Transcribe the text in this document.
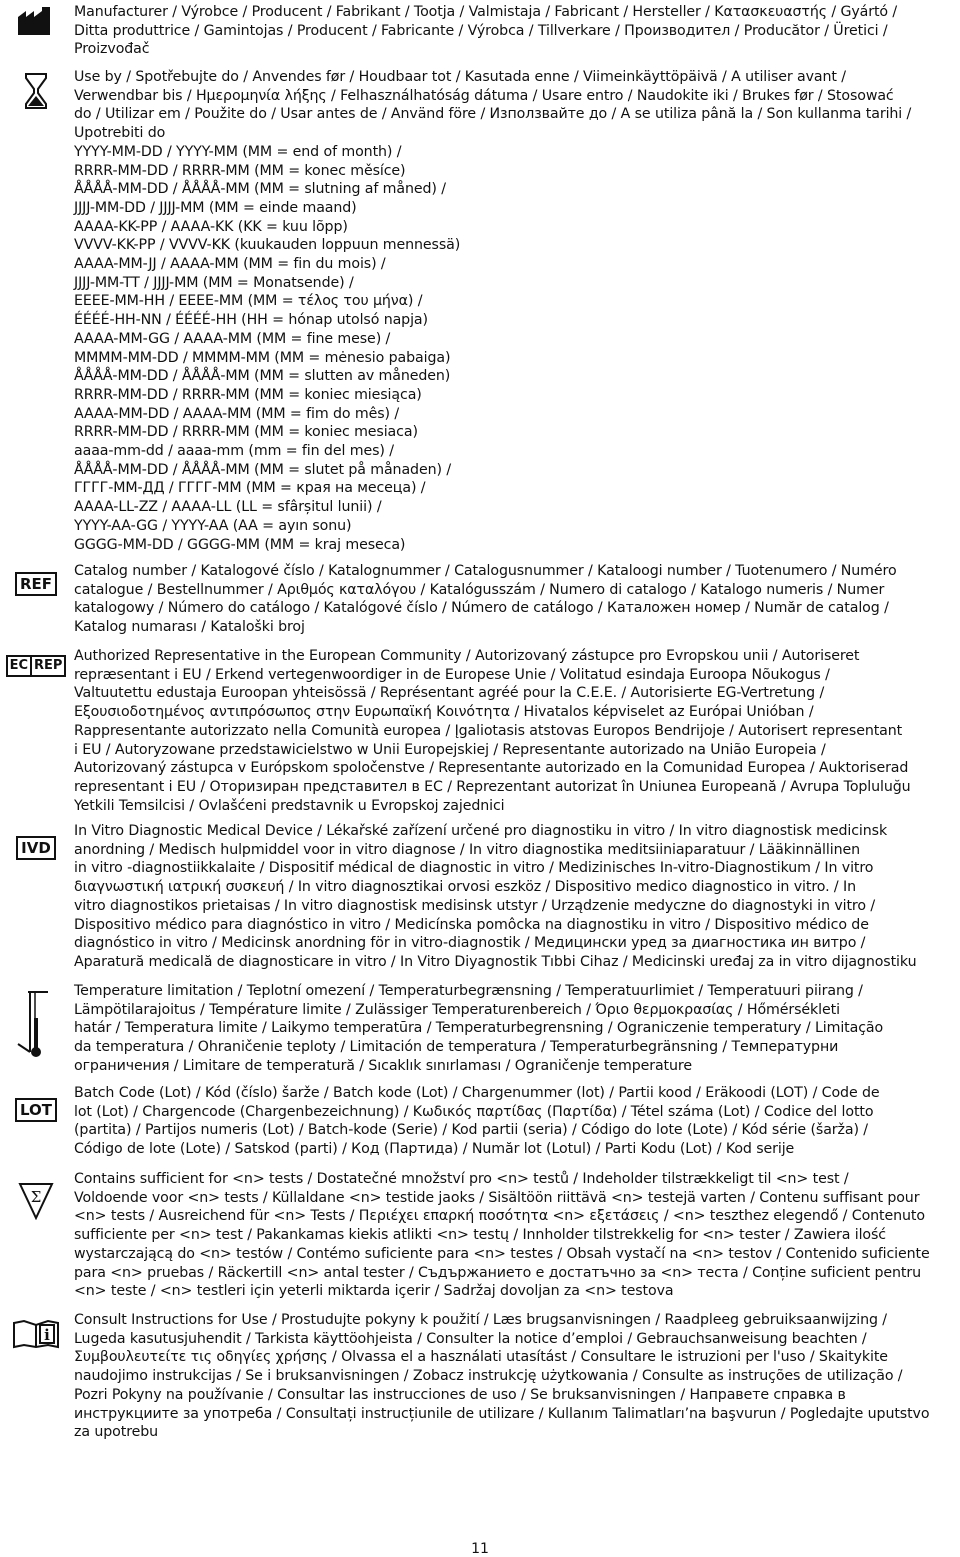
Manufacturer / Výrobce / Producent / Fabrikant / Tootja / Valmistaja / Fabricant / Hersteller / Κατασκευαστής / Gyártó /
Ditta produttrice / Gamintojas / Producent / Fabricante / Výrobca / Tillverkare / Производител / Producător / Üretici /
Proizvođač
Use by / Spotřebujte do / Anvendes før / Houdbaar tot / Kasutada enne / Viimeinkäyttöpäivä / A utiliser avant /
Verwendbar bis / Ημερομηνία λήξης / Felhasználhatóság dátuma / Usare entro / Naudokite iki / Brukes før / Stosować
do / Utilizar em / Použite do / Usar antes de / Använd före / Използвайте до / A se utiliza până la / Son kullanma tarihi /
Upotrebiti do
YYYY-MM-DD / YYYY-MM (MM = end of month) /
RRRR-MM-DD / RRRR-MM (MM = konec měsíce)
ÅÅÅÅ-MM-DD / ÅÅÅÅ-MM (MM = slutning af måned) /
JJJJ-MM-DD / JJJJ-MM (MM = einde maand)
AAAA-KK-PP / AAAA-KK (KK = kuu lõpp)
VVVV-KK-PP / VVVV-KK (kuukauden loppuun mennessä)
AAAA-MM-JJ / AAAA-MM (MM = fin du mois) /
JJJJ-MM-TT / JJJJ-MM (MM = Monatsende) /
ΕΕΕΕ-ΜΜ-ΗΗ / ΕΕΕΕ-ΜΜ (ΜΜ = τέλος του μήνα) /
ÉÉÉÉ-HH-NN / ÉÉÉÉ-HH (HH = hónap utolsó napja)
AAAA-MM-GG / AAAA-MM (MM = fine mese) /
MMMM-MM-DD / MMMM-MM (MM = mėnesio pabaiga)
ÅÅÅÅ-MM-DD / ÅÅÅÅ-MM (MM = slutten av måneden)
RRRR-MM-DD / RRRR-MM (MM = koniec miesiąca)
AAAA-MM-DD / AAAA-MM (MM = fim do mês) /
RRRR-MM-DD / RRRR-MM (MM = koniec mesiaca)
aaaa-mm-dd / aaaa-mm (mm = fin del mes) /
ÅÅÅÅ-MM-DD / ÅÅÅÅ-MM (MM = slutet på månaden) /
ГГГГ-ММ-ДД / ГГГГ-ММ (ММ = края на месеца) /
AAAA-LL-ZZ / AAAA-LL (LL = sfârșitul lunii) /
YYYY-AA-GG / YYYY-AA (AA = ayın sonu)
GGGG-MM-DD / GGGG-MM (MM = kraj meseca)
REF
Catalog number / Katalogové číslo / Katalognummer / Catalogusnummer / Kataloogi number / Tuotenumero / Numéro
catalogue / Bestellnummer / Αριθμός καταλόγου / Katalógusszám / Numero di catalogo / Katalogo numeris / Numer
katalogowy / Número do catálogo / Katalógové číslo / Número de catálogo / Каталожен номер / Număr de catalog /
Katalog numarası / Kataloški broj
EC REP
Authorized Representative in the European Community / Autorizovaný zástupce pro Evropskou unii / Autoriseret
repræsentant i EU / Erkend vertegenwoordiger in de Europese Unie / Volitatud esindaja Euroopa Nõukogus /
Valtuutettu edustaja Euroopan yhteisössä / Représentant agréé pour la C.E.E. / Autorisierte EG-Vertretung /
Εξουσιοδοτημένος αντιπρόσωπος στην Ευρωπαϊκή Κοινότητα / Hivatalos képviselet az Európai Unióban /
Rappresentante autorizzato nella Comunità europea / Įgaliotasis atstovas Europos Bendrijoje / Autorisert representant
i EU / Autoryzowane przedstawicielstwo w Unii Europejskiej / Representante autorizado na União Europeia /
Autorizovaný zástupca v Európskom spoločenstve / Representante autorizado en la Comunidad Europea / Auktoriserad
representant i EU / Оторизиран представител в ЕС / Reprezentant autorizat în Uniunea Europeană / Avrupa Topluluğu
Yetkili Temsilcisi / Ovlašćeni predstavnik u Evropskoj zajednici
IVD
In Vitro Diagnostic Medical Device / Lékařské zařízení určené pro diagnostiku in vitro / In vitro diagnostisk medicinsk
anordning / Medisch hulpmiddel voor in vitro diagnose / In vitro diagnostika meditsiiniaparatuur / Lääkinnällinen
in vitro -diagnostiikkalaite / Dispositif médical de diagnostic in vitro / Medizinisches In-vitro-Diagnostikum / In vitro
διαγνωστική ιατρική συσκευή / In vitro diagnosztikai orvosi eszköz / Dispositivo medico diagnostico in vitro. / In
vitro diagnostikos prietaisas / In vitro diagnostisk medisinsk utstyr / Urządzenie medyczne do diagnostyki in vitro /
Dispositivo médico para diagnóstico in vitro / Medicínska pomôcka na diagnostiku in vitro / Dispositivo médico de
diagnóstico in vitro / Medicinsk anordning för in vitro-diagnostik / Медицински уред за диагностика ин витро /
Aparatură medicală de diagnosticare in vitro / In Vitro Diyagnostik Tıbbi Cihaz / Medicinski uređaj za in vitro dijagnostiku
Temperature limitation / Teplotní omezení / Temperaturbegrænsning / Temperatuurlimiet / Temperatuuri piirang /
Lämpötilarajoitus / Température limite / Zulässiger Temperaturenbereich / Όριο θερμοκρασίας / Hőmérsékleti
határ / Temperatura limite / Laikymo temperatūra / Temperaturbegrensning / Ograniczenie temperatury / Limitação
da temperatura / Ohraničenie teploty / Limitación de temperatura / Temperaturbegränsning / Температурни
ограничения / Limitare de temperatură / Sıcaklık sınırlaması / Ograničenje temperature
LOT
Batch Code (Lot) / Kód (číslo) šarže / Batch kode (Lot) / Chargenummer (lot) / Partii kood / Eräkoodi (LOT) / Code de
lot (Lot) / Chargencode (Chargenbezeichnung) / Κωδικός παρτίδας (Παρτίδα) / Tétel száma (Lot) / Codice del lotto
(partita) / Partijos numeris (Lot) / Batch-kode (Serie) / Kod partii (seria) / Código do lote (Lote) / Kód série (šarža) /
Código de lote (Lote) / Satskod (parti) / Код (Партида) / Număr lot (Lotul) / Parti Kodu (Lot) / Kod serije
Σ
Contains sufficient for <n> tests / Dostatečné množství pro <n> testů / Indeholder tilstrækkeligt til <n> test /
Voldoende voor <n> tests / Küllaldane <n> testide jaoks / Sisältöön riittävä <n> testejä varten / Contenu suffisant pour
<n> tests / Ausreichend für <n> Tests / Περιέχει επαρκή ποσότητα <n> εξετάσεις / <n> teszthez elegendő / Contenuto
sufficiente per <n> test / Pakankamas kiekis atlikti <n> testų / Innholder tilstrekkelig for <n> tester / Zawiera ilość
wystarczającą do <n> testów / Contémo suficiente para <n> testes / Obsah vystačí na <n> testov / Contenido suficiente
para <n> pruebas / Räckertill <n> antal tester / Съдържанието е достатъчно за <n> теста / Conține suficient pentru
<n> teste / <n> testleri için yeterli miktarda içerir / Sadržaj dovoljan za <n> testova
i
Consult Instructions for Use / Prostudujte pokyny k použití / Læs brugsanvisningen / Raadpleeg gebruiksaanwijzing /
Lugeda kasutusjuhendit / Tarkista käyttöohjeista / Consulter la notice d’emploi / Gebrauchsanweisung beachten /
Συμβουλευτείτε τις οδηγίες χρήσης / Olvassa el a használati utasítást / Consultare le istruzioni per l'uso / Skaitykite
naudojimo instrukcijas / Se i bruksanvisningen / Zobacz instrukcję użytkowania / Consulte as instruções de utilização /
Pozri Pokyny na používanie / Consultar las instrucciones de uso / Se bruksanvisningen / Направете справка в
инструкциите за употреба / Consultați instrucțiunile de utilizare / Kullanım Talimatları’na başvurun / Pogledajte uputstvo
za upotrebu
11
